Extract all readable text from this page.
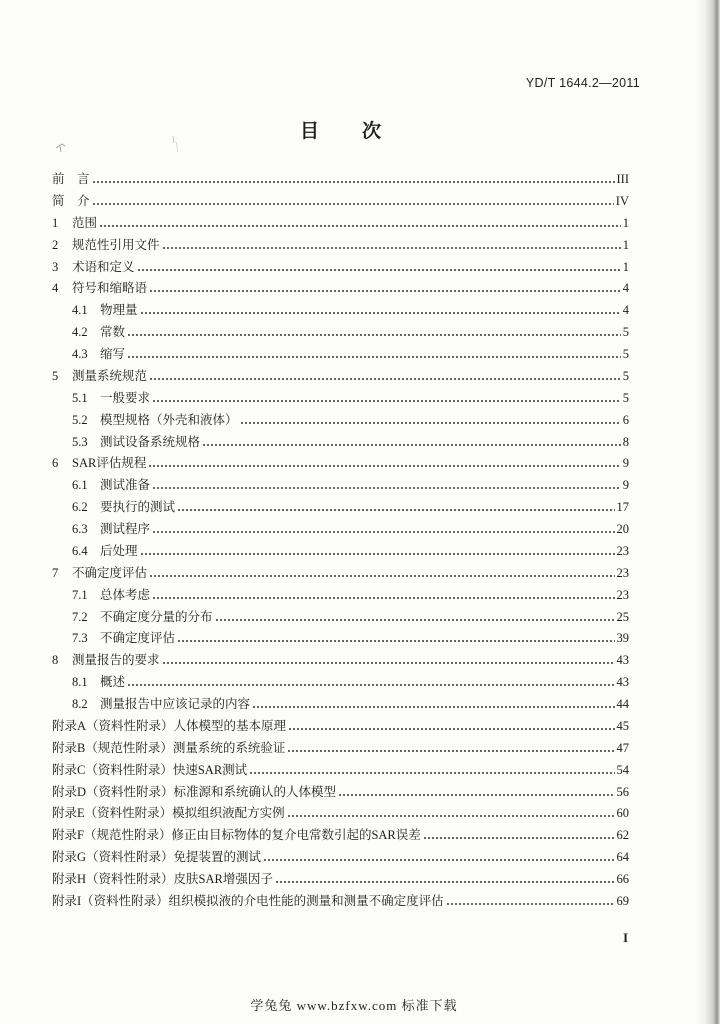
YD/T 1644.2—2011
目　次
前　言	III
简　介	IV
1	范围	1
2	规范性引用文件	1
3	术语和定义	1
4	符号和缩略语	4
4.1 物理量	4
4.2 常数	5
4.3 缩写	5
5	测量系统规范	5
5.1 一般要求	5
5.2 模型规格（外壳和液体）	6
5.3 测试设备系统规格	8
6	SAR评估规程	9
6.1 测试准备	9
6.2 要执行的测试	17
6.3 测试程序	20
6.4 后处理	23
7	不确定度评估	23
7.1 总体考虑	23
7.2 不确定度分量的分布	25
7.3 不确定度评估	39
8	测量报告的要求	43
8.1 概述	43
8.2 测量报告中应该记录的内容	44
附录A（资料性附录）人体模型的基本原理	45
附录B（规范性附录）测量系统的系统验证	47
附录C（资料性附录）快速SAR测试	54
附录D（资料性附录）标准源和系统确认的人体模型	56
附录E（资料性附录）模拟组织液配方实例	60
附录F（规范性附录）修正由目标物体的复介电常数引起的SAR误差	62
附录G（资料性附录）免提装置的测试	64
附录H（资料性附录）皮肤SAR增强因子	66
附录I（资料性附录）组织模拟液的介电性能的测量和测量不确定度评估	69
I
学兔兔 www.bzfxw.com 标准下载
